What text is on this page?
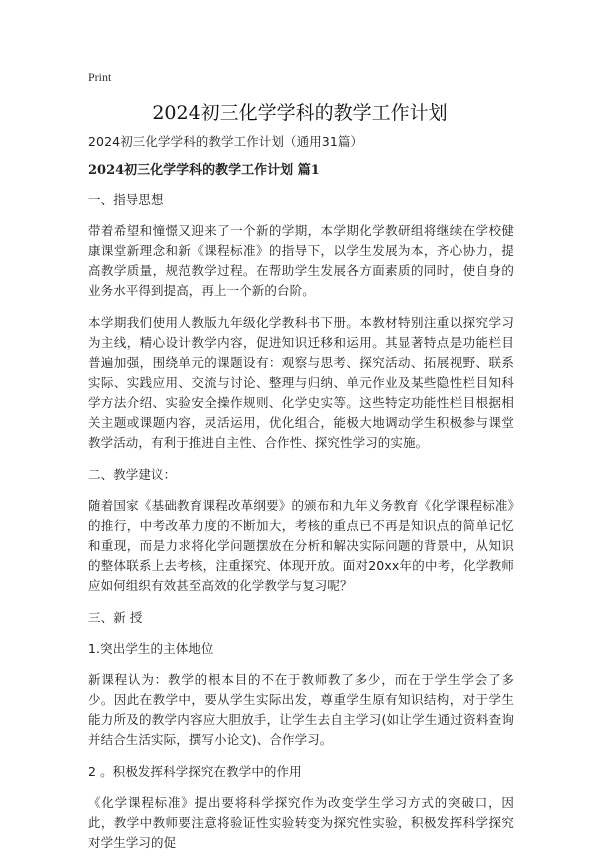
Print
2024初三化学学科的教学工作计划

2024初三化学学科的教学工作计划（通用31篇）

2024初三化学学科的教学工作计划 篇1

一、指导思想

带着希望和憧憬又迎来了一个新的学期，本学期化学教研组将继续在学校健康课堂新理念和新《课程标准》的指导下，以学生发展为本，齐心协力，提高教学质量，规范教学过程。在帮助学生发展各方面素质的同时，使自身的业务水平得到提高，再上一个新的台阶。

本学期我们使用人教版九年级化学教科书下册。本教材特别注重以探究学习为主线，精心设计教学内容，促进知识迁移和运用。其显著特点是功能栏目普遍加强，围绕单元的课题设有：观察与思考、探究活动、拓展视野、联系实际、实践应用、交流与讨论、整理与归纳、单元作业及某些隐性栏目知科学方法介绍、实验安全操作规则、化学史实等。这些特定功能性栏目根据相关主题或课题内容，灵活运用，优化组合，能极大地调动学生积极参与课堂教学活动，有利于推进自主性、合作性、探究性学习的实施。

二、教学建议：

随着国家《基础教育课程改革纲要》的颁布和九年义务教育《化学课程标准》的推行，中考改革力度的不断加大，考核的重点已不再是知识点的简单记忆和重现，而是力求将化学问题摆放在分析和解决实际问题的背景中，从知识的整体联系上去考核，注重探究、体现开放。面对20xx年的中考，化学教师应如何组织有效甚至高效的化学教学与复习呢？

三、新 授

1.突出学生的主体地位

新课程认为：教学的根本目的不在于教师教了多少，而在于学生学会了多少。因此在教学中，要从学生实际出发，尊重学生原有知识结构，对于学生能力所及的教学内容应大胆放手，让学生去自主学习(如让学生通过资料查询并结合生活实际，撰写小论文)、合作学习。

2 。积极发挥科学探究在教学中的作用

《化学课程标准》提出要将科学探究作为改变学生学习方式的突破口，因此，教学中教师要注意将验证性实验转变为探究性实验，积极发挥科学探究对学生学习的促
